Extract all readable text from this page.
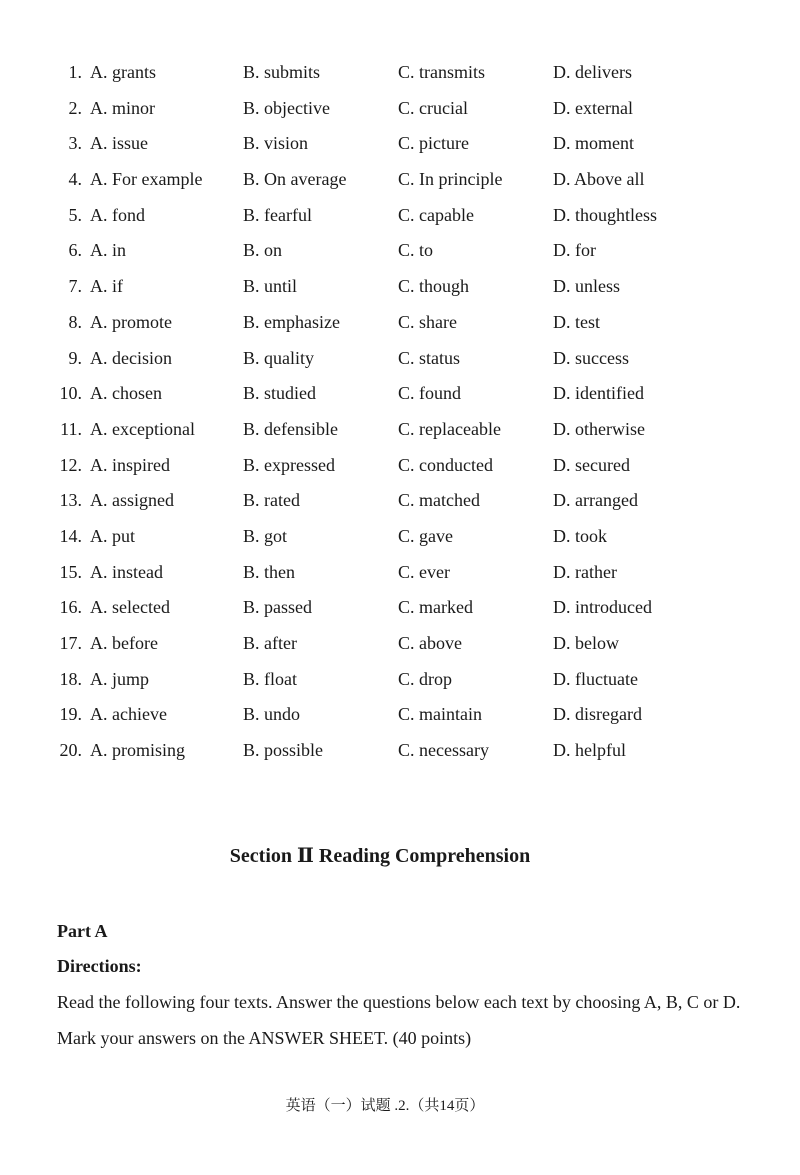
1. A. grants	B. submits	C. transmits	D. delivers
2. A. minor	B. objective	C. crucial	D. external
3. A. issue	B. vision	C. picture	D. moment
4. A. For example B. On average	C. In principle	D. Above all
5. A. fond	B. fearful	C. capable	D. thoughtless
6. A. in	B. on	C. to	D. for
7. A. if	B. until	C. though	D. unless
8. A. promote	B. emphasize	C. share	D. test
9. A. decision	B. quality	C. status	D. success
10. A. chosen	B. studied	C. found	D. identified
11. A. exceptional	B. defensible	C. replaceable	D. otherwise
12. A. inspired	B. expressed	C. conducted	D. secured
13. A. assigned	B. rated	C. matched	D. arranged
14. A. put	B. got	C. gave	D. took
15. A. instead	B. then	C. ever	D. rather
16. A. selected	B. passed	C. marked	D. introduced
17. A. before	B. after	C. above	D. below
18. A. jump	B. float	C. drop	D. fluctuate
19. A. achieve	B. undo	C. maintain	D. disregard
20. A. promising	B. possible	C. necessary	D. helpful
Section Ⅱ Reading Comprehension
Part A
Directions:

Read the following four texts. Answer the questions below each text by choosing A, B, C or D. Mark your answers on the ANSWER SHEET. (40 points)

英语（一）试题 .2.（共14页）
